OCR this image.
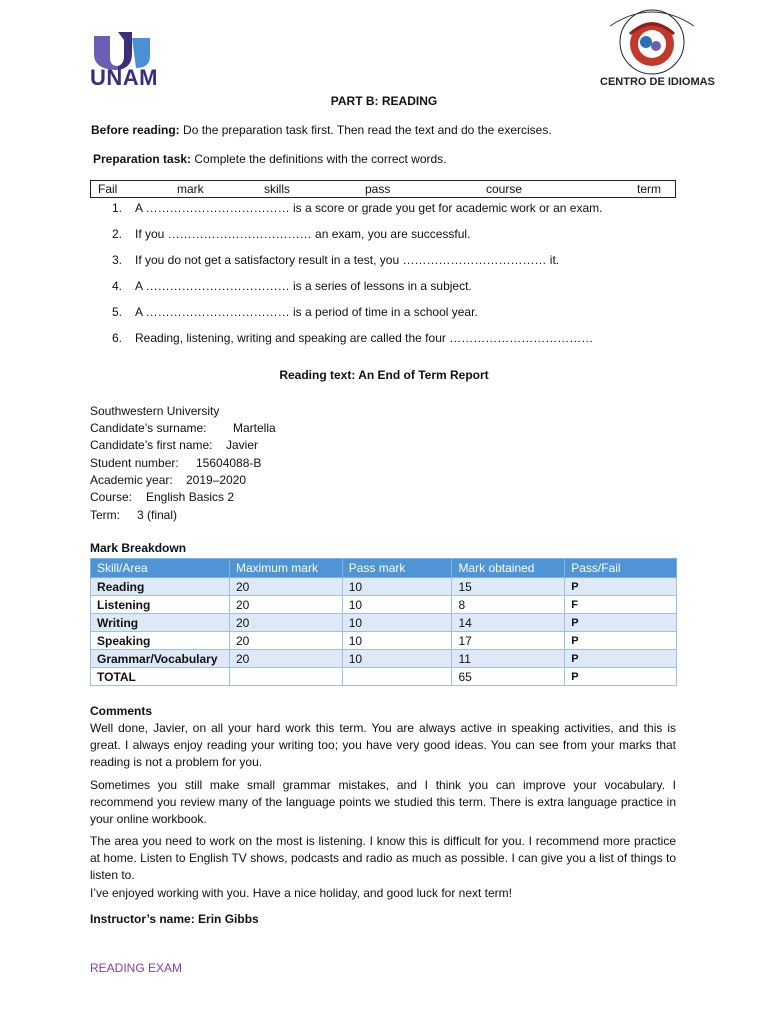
UNAM	CENTRO DE IDIOMAS
PART B: READING
Before reading: Do the preparation task first. Then read the text and do the exercises.
Preparation task: Complete the definitions with the correct words.
Fail	mark	skills	pass	course	term
1. A ……………………………… is a score or grade you get for academic work or an exam.
2. If you ……………………………… an exam, you are successful.
3. If you do not get a satisfactory result in a test, you ……………………………… it.
4. A ……………………………… is a series of lessons in a subject.
5. A ……………………………… is a period of time in a school year.
6. Reading, listening, writing and speaking are called the four ………………………………
Reading text: An End of Term Report
Southwestern University
Candidate’s surname: Martella
Candidate’s first name: Javier
Student number: 15604088-B
Academic year: 2019–2020
Course: English Basics 2
Term: 3 (final)
Mark Breakdown
Skill/Area	Maximum mark	Pass mark	Mark obtained	Pass/Fail
Reading	20	10	15	P
Listening	20	10	8	F
Writing	20	10	14	P
Speaking	20	10	17	P
Grammar/Vocabulary	20	10	11	P
TOTAL			65	P
Comments
Well done, Javier, on all your hard work this term. You are always active in speaking activities, and this is great. I always enjoy reading your writing too; you have very good ideas. You can see from your marks that reading is not a problem for you.
Sometimes you still make small grammar mistakes, and I think you can improve your vocabulary. I recommend you review many of the language points we studied this term. There is extra language practice in your online workbook.
The area you need to work on the most is listening. I know this is difficult for you. I recommend more practice at home. Listen to English TV shows, podcasts and radio as much as possible. I can give you a list of things to listen to.
I’ve enjoyed working with you. Have a nice holiday, and good luck for next term!
Instructor’s name: Erin Gibbs
READING EXAM
